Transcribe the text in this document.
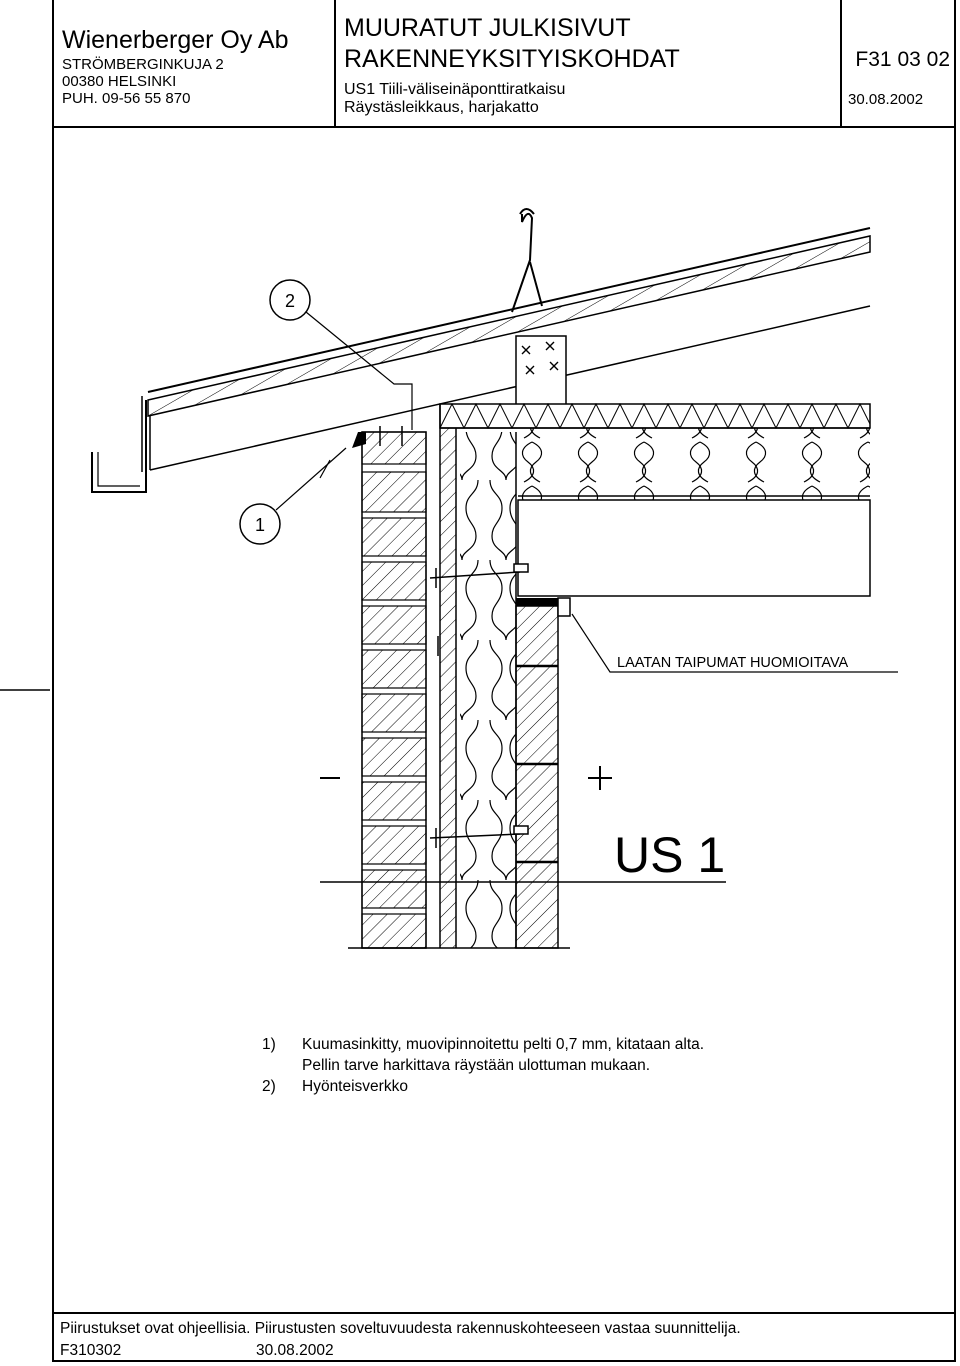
Wienerberger Oy Ab
STRÖMBERGINKUJA 2
00380 HELSINKI
PUH. 09-56 55 870
MUURATUT JULKISIVUT
RAKENNEYKSITYISKOHDAT
US1 Tiili-väliseinäponttiratkaisu
Räystäsleikkaus, harjakatto
F31 03 02
30.08.2002
2
1
LAATAN TAIPUMAT HUOMIOITAVA
US 1
1) Kuumasinkitty, muovipinnoitettu pelti 0,7 mm, kitataan alta.
Pellin tarve harkittava räystään ulottuman mukaan.
2) Hyönteisverkko
Piirustukset ovat ohjeellisia. Piirustusten soveltuvuudesta rakennuskohteeseen vastaa suunnittelija.
F310302	30.08.2002
